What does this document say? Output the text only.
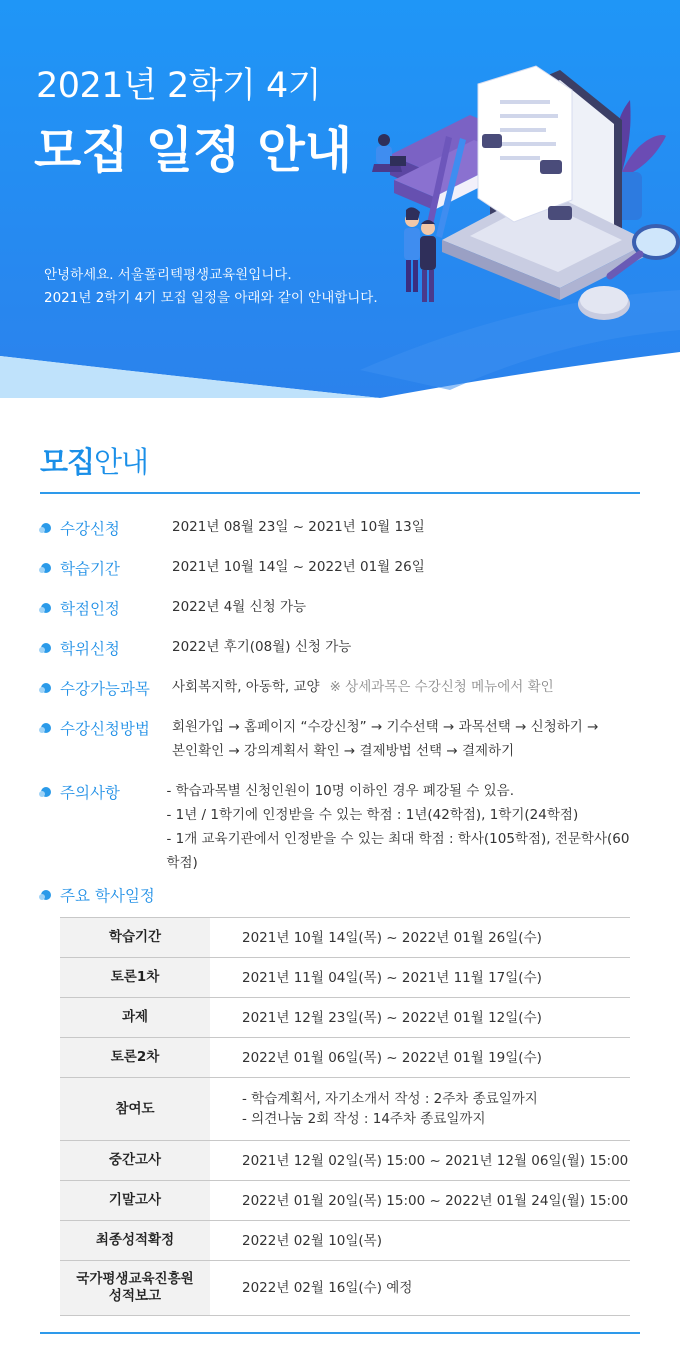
2021년 2학기 4기
모집 일정 안내
안녕하세요. 서울폴리텍평생교육원입니다.
2021년 2학기 4기 모집 일정을 아래와 같이 안내합니다.
모집안내
수강신청	2021년 08월 23일 ~ 2021년 10월 13일
학습기간	2021년 10월 14일 ~ 2022년 01월 26일
학점인정	2022년 4월 신청 가능
학위신청	2022년 후기(08월) 신청 가능
수강가능과목 사회복지학, 아동학, 교양 ※ 상세과목은 수강신청 메뉴에서 확인
수강신청방법 회원가입 → 홈페이지 “수강신청” → 기수선택 → 과목선택 → 신청하기 →
본인확인 → 강의계획서 확인 → 결제방법 선택 → 결제하기
주의사항	- 학습과목별 신청인원이 10명 이하인 경우 폐강될 수 있음.
- 1년 / 1학기에 인정받을 수 있는 학점 : 1년(42학점), 1학기(24학점)
- 1개 교육기관에서 인정받을 수 있는 최대 학점 : 학사(105학점), 전문학사(60학점)
주요 학사일정
학습기간	2021년 10월 14일(목) ~ 2022년 01월 26일(수)

토론1차	2021년 11월 04일(목) ~ 2021년 11월 17일(수)

과제	2021년 12월 23일(목) ~ 2022년 01월 12일(수)

토론2차	2022년 01월 06일(목) ~ 2022년 01월 19일(수)

참여도	- 학습계획서, 자기소개서 작성 : 2주차 종료일까지
- 의견나눔 2회 작성 : 14주차 종료일까지

중간고사	2021년 12월 02일(목) 15:00 ~ 2021년 12월 06일(월) 15:00

기말고사	2022년 01월 20일(목) 15:00 ~ 2022년 01월 24일(월) 15:00

최종성적확정	2022년 02월 10일(목)

국가평생교육진흥원
성적보고	2022년 02월 16일(수) 예정
